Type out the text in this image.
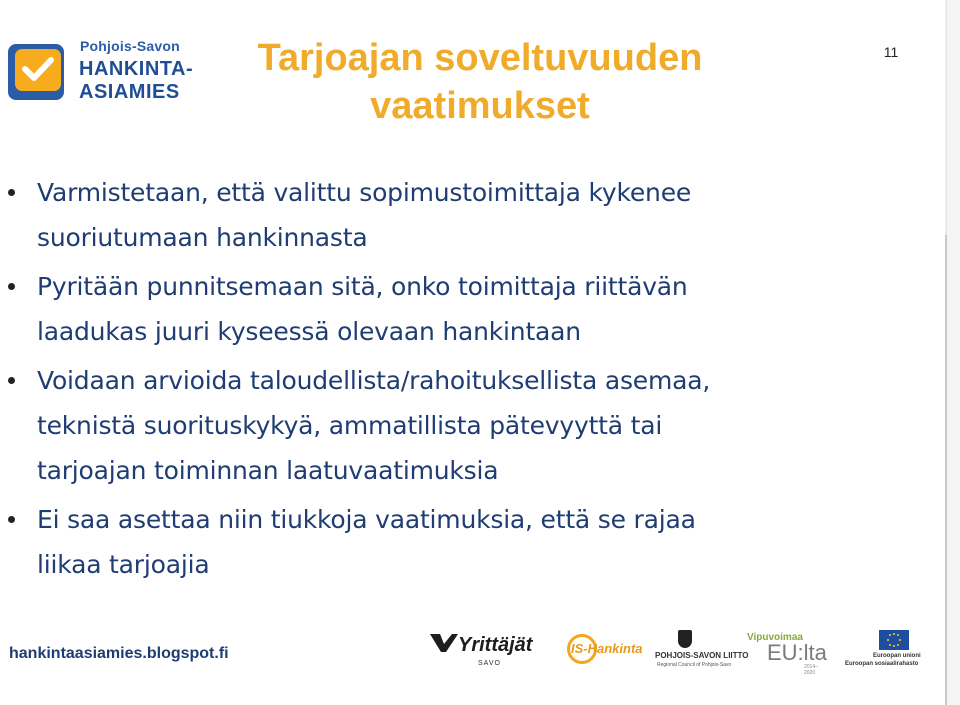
Pohjois-Savon
HANKINTA-
ASIAMIES
Tarjoajan soveltuvuuden
vaatimukset
11
Varmistetaan, että valittu sopimustoimittaja kykenee
suoriutumaan hankinnasta
Pyritään punnitsemaan sitä, onko toimittaja riittävän
laadukas juuri kyseessä olevaan hankintaan
Voidaan arvioida taloudellista/rahoituksellista asemaa,
teknistä suorituskykyä, ammatillista pätevyyttä tai
tarjoajan toiminnan laatuvaatimuksia
Ei saa asettaa niin tiukkoja vaatimuksia, että se rajaa
liikaa tarjoajia
hankintaasiamies.blogspot.fi	Yrittäjät
SAVO
IS-Hankinta POHJOIS-SAVON LIITTO
Regional Council of Pohjois-Savo
Vipuvoimaa
EU:lta
2014–2020
Euroopan unioni
Euroopan sosiaalirahasto
